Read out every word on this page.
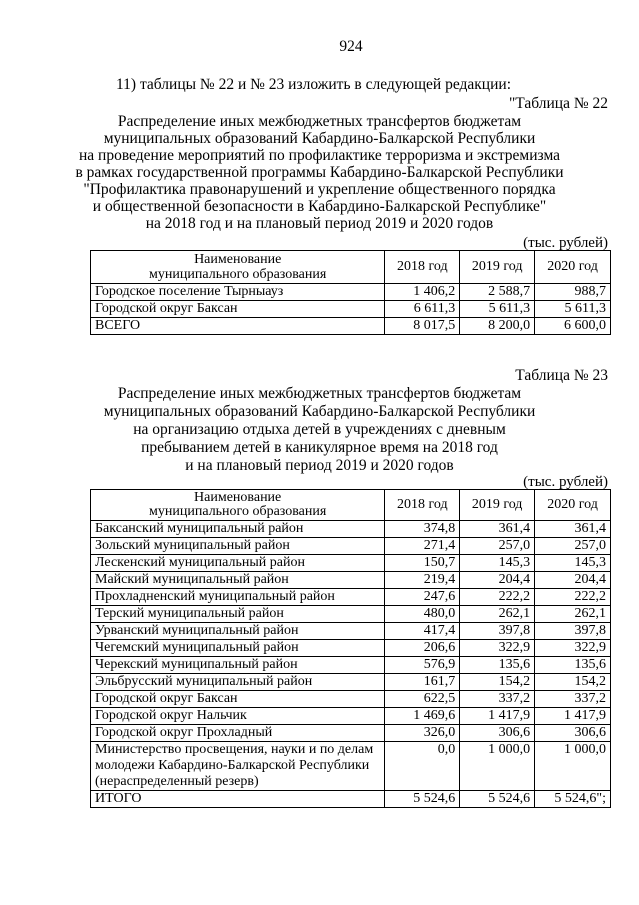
924
11) таблицы № 22 и № 23 изложить в следующей редакции:
"Таблица № 22
Распределение иных межбюджетных трансфертов бюджетам
муниципальных образований Кабардино-Балкарской Республики
на проведение мероприятий по профилактике терроризма и экстремизма
в рамках государственной программы Кабардино-Балкарской Республики
"Профилактика правонарушений и укрепление общественного порядка
и общественной безопасности в Кабардино-Балкарской Республике"
на 2018 год и на плановый период 2019 и 2020 годов
(тыс. рублей)
Наименование
муниципального образования	2018 год	2019 год	2020 год
Городское поселение Тырныауз	1 406,2	2 588,7	988,7
Городской округ Баксан	6 611,3	5 611,3	5 611,3
ВСЕГО	8 017,5	8 200,0	6 600,0
Таблица № 23
Распределение иных межбюджетных трансфертов бюджетам
муниципальных образований Кабардино-Балкарской Республики
на организацию отдыха детей в учреждениях с дневным
пребыванием детей в каникулярное время на 2018 год
и на плановый период 2019 и 2020 годов
(тыс. рублей)
Наименование
муниципального образования	2018 год	2019 год	2020 год
Баксанский муниципальный район	374,8	361,4	361,4
Зольский муниципальный район	271,4	257,0	257,0
Лескенский муниципальный район	150,7	145,3	145,3
Майский муниципальный район	219,4	204,4	204,4
Прохладненский муниципальный район	247,6	222,2	222,2
Терский муниципальный район	480,0	262,1	262,1
Урванский муниципальный район	417,4	397,8	397,8
Чегемский муниципальный район	206,6	322,9	322,9
Черекский муниципальный район	576,9	135,6	135,6
Эльбрусский муниципальный район	161,7	154,2	154,2
Городской округ Баксан	622,5	337,2	337,2
Городской округ Нальчик	1 469,6	1 417,9	1 417,9
Городской округ Прохладный	326,0	306,6	306,6

Министерство просвещения, науки и по делам
молодежи Кабардино-Балкарской Республики
(нераспределенный резерв)	0,0	1 000,0	1 000,0
ИТОГО	5 524,6	5 524,6	5 524,6";
